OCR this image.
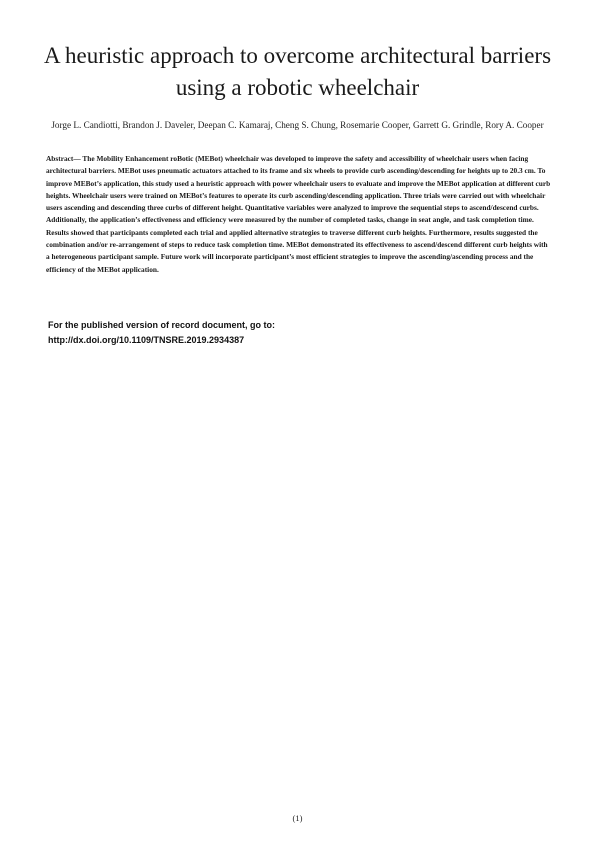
A heuristic approach to overcome architectural barriers using a robotic wheelchair
Jorge L. Candiotti, Brandon J. Daveler, Deepan C. Kamaraj, Cheng S. Chung, Rosemarie Cooper, Garrett G. Grindle, Rory A. Cooper
Abstract— The Mobility Enhancement roBotic (MEBot) wheelchair was developed to improve the safety and accessibility of wheelchair users when facing architectural barriers. MEBot uses pneumatic actuators attached to its frame and six wheels to provide curb ascending/descending for heights up to 20.3 cm. To improve MEBot’s application, this study used a heuristic approach with power wheelchair users to evaluate and improve the MEBot application at different curb heights. Wheelchair users were trained on MEBot’s features to operate its curb ascending/descending application. Three trials were carried out with wheelchair users ascending and descending three curbs of different height. Quantitative variables were analyzed to improve the sequential steps to ascend/descend curbs. Additionally, the application’s effectiveness and efficiency were measured by the number of completed tasks, change in seat angle, and task completion time. Results showed that participants completed each trial and applied alternative strategies to traverse different curb heights. Furthermore, results suggested the combination and/or re-arrangement of steps to reduce task completion time. MEBot demonstrated its effectiveness to ascend/descend different curb heights with a heterogeneous participant sample. Future work will incorporate participant’s most efficient strategies to improve the ascending/ascending process and the efficiency of the MEBot application.
For the published version of record document, go to:
http://dx.doi.org/10.1109/TNSRE.2019.2934387
(1)
